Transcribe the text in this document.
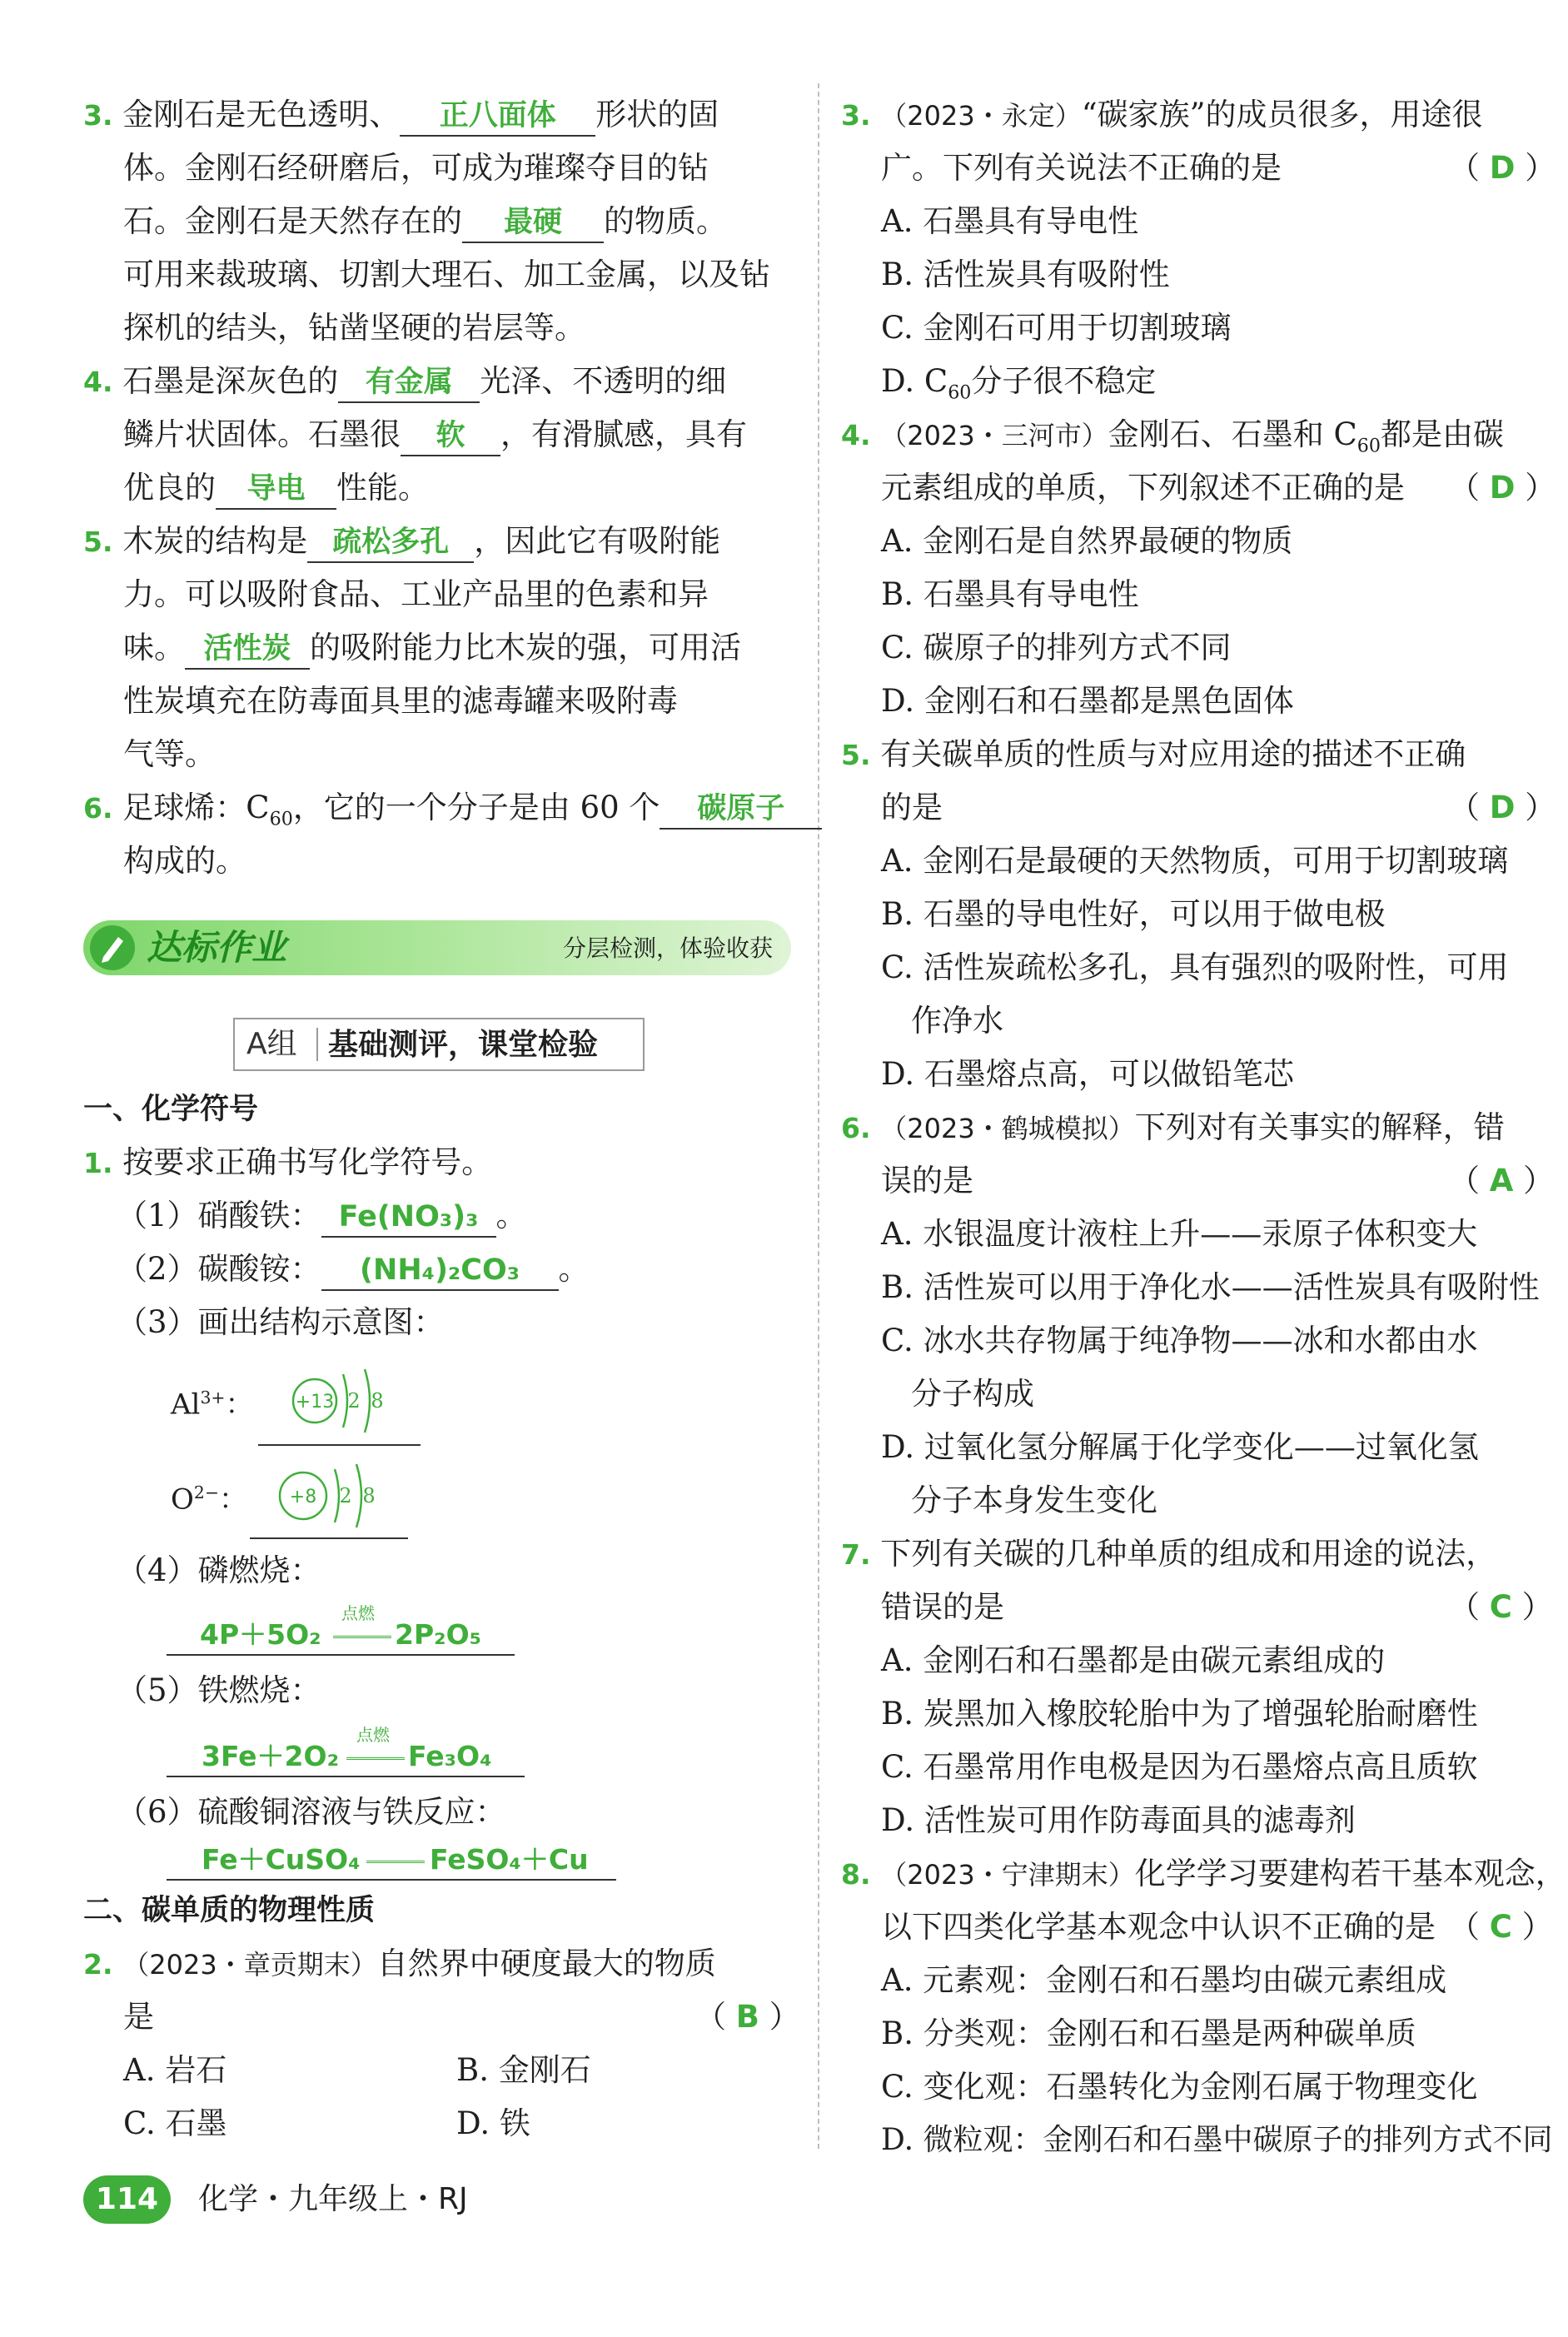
3. 金刚石是无色透明、 正八面体 形状的固
体。金刚石经研磨后，可成为璀璨夺目的钻
石。金刚石是天然存在的 最硬 的物质。
可用来裁玻璃、切割大理石、加工金属，以及钻
探机的结头，钻凿坚硬的岩层等。
4. 石墨是深灰色的 有金属 光泽、不透明的细
鳞片状固体。石墨很 软 ，有滑腻感，具有
优良的 导电 性能。
5. 木炭的结构是 疏松多孔 ，因此它有吸附能
力。可以吸附食品、工业产品里的色素和异
味。 活性炭 的吸附能力比木炭的强，可用活
性炭填充在防毒面具里的滤毒罐来吸附毒
气等。
6. 足球烯：$C_{60}$，它的一个分子是由 60 个 碳原子
构成的。
达标作业	分层检测，体验收获
A组 基础测评，课堂检验
一、化学符号
1. 按要求正确书写化学符号。
（1）硝酸铁： Fe(NO₃)₃ 。
（2）碳酸铵： (NH₄)₂CO₃ 。
（3）画出结构示意图：
$Al^{3+}$： +13 2 8
$O^{2-}$： +8 2 8
（4）磷燃烧：
4P＋5O₂
点燃
2P₂O₅
（5）铁燃烧：
3Fe＋2O₂
点燃
Fe₃O₄
（6）硫酸铜溶液与铁反应：
Fe＋CuSO₄	FeSO₄＋Cu
二、碳单质的物理性质
2. （2023・章贡期末）自然界中硬度最大的物质
是	（ B ）
A. 岩石	B. 金刚石
C. 石墨	D. 铁
3. （2023・永定）“碳家族”的成员很多，用途很
广。下列有关说法不正确的是	（ D ）
A. 石墨具有导电性
B. 活性炭具有吸附性
C. 金刚石可用于切割玻璃
D. $C_{60}$分子很不稳定
4. （2023・三河市）金刚石、石墨和 $C_{60}$都是由碳
元素组成的单质，下列叙述不正确的是 （ D ）
A. 金刚石是自然界最硬的物质
B. 石墨具有导电性
C. 碳原子的排列方式不同
D. 金刚石和石墨都是黑色固体
5. 有关碳单质的性质与对应用途的描述不正确
的是	（ D ）
A. 金刚石是最硬的天然物质，可用于切割玻璃
B. 石墨的导电性好，可以用于做电极
C. 活性炭疏松多孔，具有强烈的吸附性，可用
作净水
D. 石墨熔点高，可以做铅笔芯
6. （2023・鹤城模拟）下列对有关事实的解释，错
误的是	（ A ）
A. 水银温度计液柱上升——汞原子体积变大
B. 活性炭可以用于净化水——活性炭具有吸附性
C. 冰水共存物属于纯净物——冰和水都由水
分子构成
D. 过氧化氢分解属于化学变化——过氧化氢
分子本身发生变化
7. 下列有关碳的几种单质的组成和用途的说法，
错误的是	（ C ）
A. 金刚石和石墨都是由碳元素组成的
B. 炭黑加入橡胶轮胎中为了增强轮胎耐磨性
C. 石墨常用作电极是因为石墨熔点高且质软
D. 活性炭可用作防毒面具的滤毒剂
8. （2023・宁津期末）化学学习要建构若干基本观念，
以下四类化学基本观念中认识不正确的是 （ C ）
A. 元素观：金刚石和石墨均由碳元素组成
B. 分类观：金刚石和石墨是两种碳单质
C. 变化观：石墨转化为金刚石属于物理变化
D. 微粒观：金刚石和石墨中碳原子的排列方式不同
114	化学・九年级上・RJ
